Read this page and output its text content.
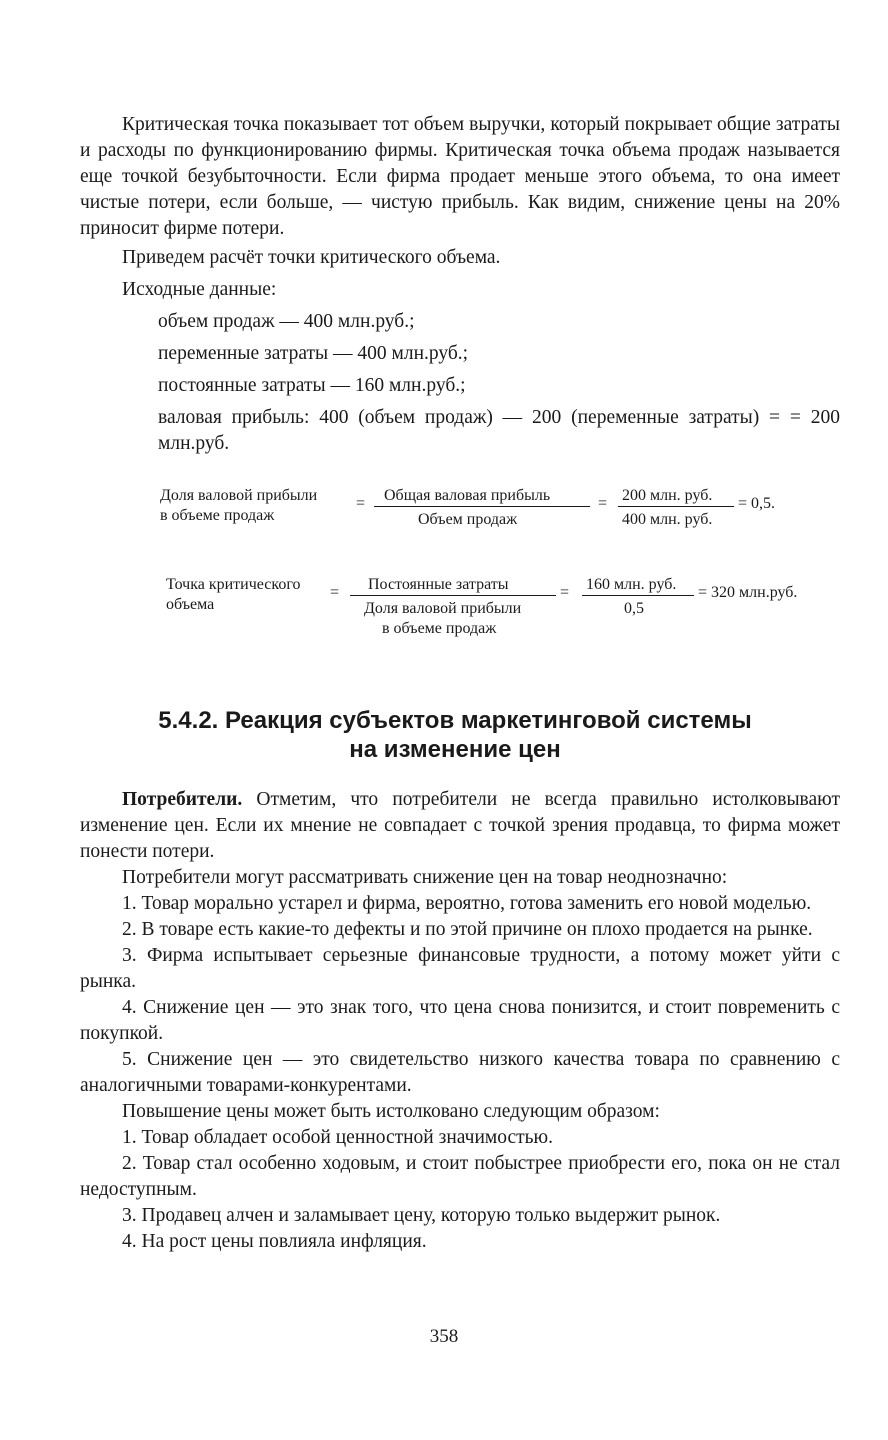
Критическая точка показывает тот объем выручки, который покрывает общие затраты и расходы по функционированию фирмы. Критическая точка объема продаж называется еще точкой безубыточности. Если фирма продает меньше этого объема, то она имеет чистые потери, если больше, — чистую прибыль. Как видим, снижение цены на 20% приносит фирме потери.

Приведем расчёт точки критического объема.

Исходные данные:

объем продаж — 400 млн.руб.;

переменные затраты — 400 млн.руб.;

постоянные затраты — 160 млн.руб.;

валовая прибыль: 400 (объем продаж) — 200 (переменные затраты) = = 200 млн.руб.

Доля валовой прибыли
в объеме продаж
= Общая валовая прибыль
Объем продаж
= 200 млн. руб.
400 млн. руб.
= 0,5.
Точка критического
объема
= Постоянные затраты
Доля валовой прибыли
в объеме продаж
= 160 млн. руб.
0,5
= 320 млн.руб.
5.4.2. Реакция субъектов маркетинговой системы
на изменение цен

Потребители. Отметим, что потребители не всегда правильно истолковывают изменение цен. Если их мнение не совпадает с точкой зрения продавца, то фирма может понести потери.

Потребители могут рассматривать снижение цен на товар неоднозначно:

1. Товар морально устарел и фирма, вероятно, готова заменить его новой моделью.

2. В товаре есть какие-то дефекты и по этой причине он плохо продается на рынке.

3. Фирма испытывает серьезные финансовые трудности, а потому может уйти с рынка.

4. Снижение цен — это знак того, что цена снова понизится, и стоит повременить с покупкой.

5. Снижение цен — это свидетельство низкого качества товара по сравнению с аналогичными товарами-конкурентами.

Повышение цены может быть истолковано следующим образом:

1. Товар обладает особой ценностной значимостью.

2. Товар стал особенно ходовым, и стоит побыстрее приобрести его, пока он не стал недоступным.

3. Продавец алчен и заламывает цену, которую только выдержит рынок.

4. На рост цены повлияла инфляция.

358
